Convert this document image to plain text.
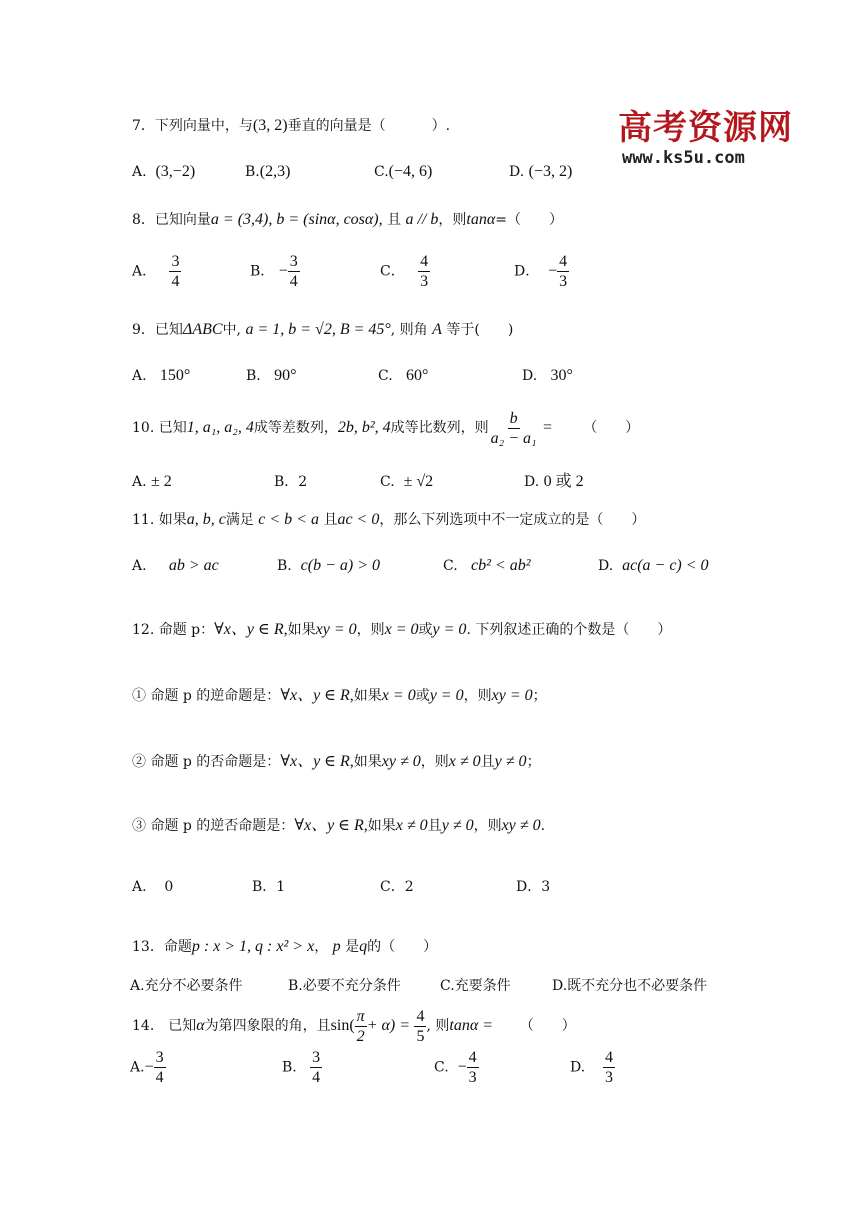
高考资源网
www.ks5u.com
7．下列向量中，与(3, 2)垂直的向量是（	）.
A. (3,−2)	B.(2,3)	C.(−4, 6)	D. (−3, 2)
8．已知向量a = (3,4), b = (sinα, cosα), 且 a // b，则tanα=（　　）
A． $\frac{3}{4}$	B． − $\frac{3}{4}$	C． $\frac{4}{3}$	D． − $\frac{4}{3}$
9．已知ΔABC中, a = 1, b = √2, B = 45°, 则角 A 等于(　　)
A. 150°	B. 90°	C. 60°	D. 30°
10. 已知1, a₁, a₂, 4成等差数列，2b, b², 4成等比数列，则 $\frac{b}{\text{a₂ − a₁}}$ = （　　）
A. ± 2	B．2	C. ± √2	D. 0 或 2
11. 如果a, b, c满足 c < b < a 且ac < 0，那么下列选项中不一定成立的是（　　）
A. ab > ac	B. c(b − a) > 0	C. cb² < ab²	D. ac(a − c) < 0
12. 命题 p：∀x、y ∈ R,如果xy = 0，则x = 0或y = 0. 下列叙述正确的个数是（　　）
① 命题 p 的逆命题是：∀x、y ∈ R,如果x = 0或y = 0，则xy = 0；
② 命题 p 的否命题是：∀x、y ∈ R,如果xy ≠ 0，则x ≠ 0且y ≠ 0；
③ 命题 p 的逆否命题是：∀x、y ∈ R,如果x ≠ 0且y ≠ 0，则xy ≠ 0.
A. 0	B．1	C．2	D．3
13．命题p : x > 1, q : x² > x， p 是q的（　　）
A.充分不必要条件	B.必要不充分条件	C.充要条件	D.既不充分也不必要条件
14.　已知α为第四象限的角，且$\sin( \frac{\pi}{2} + \alpha) = \frac{4}{5}$ , 则tanα = （　　）
$A.- \frac{3}{4}$	B. $\frac{3}{4}$	C. − $\frac{4}{3}$	D. $\frac{4}{3}$
